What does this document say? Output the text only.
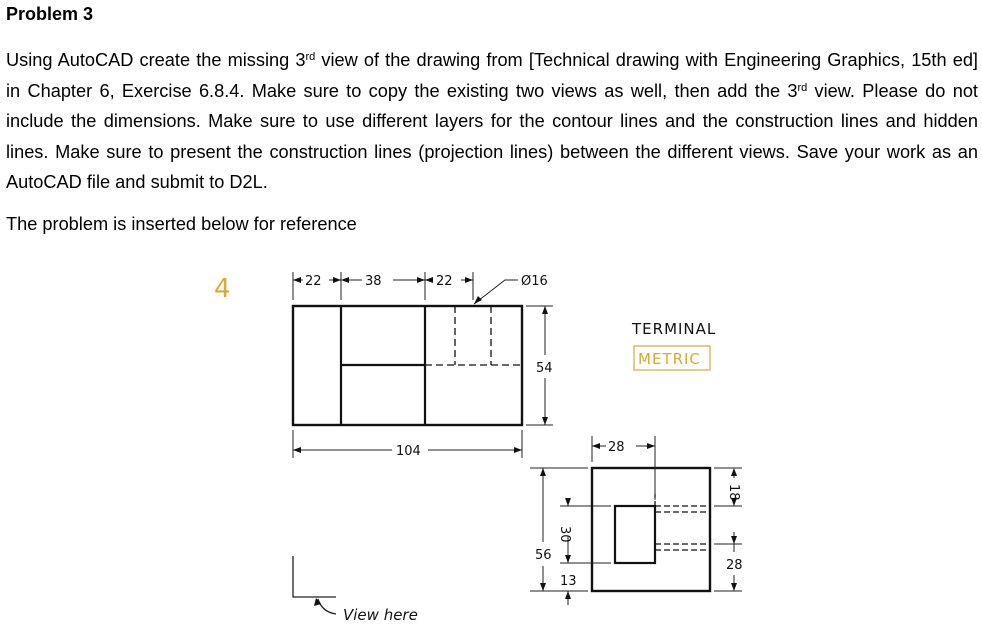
Problem 3
Using AutoCAD create the missing 3rd view of the drawing from [Technical drawing with Engineering Graphics, 15th ed] in Chapter 6, Exercise 6.8.4. Make sure to copy the existing two views as well, then add the 3rd view. Please do not include the dimensions. Make sure to use different layers for the contour lines and the construction lines and hidden lines. Make sure to present the construction lines (projection lines) between the different views. Save your work as an AutoCAD file and submit to D2L.
The problem is inserted below for reference
4	22	38	22	Ø16
54
104
TERMINAL
METRIC
28
56
30
13
18
28
View here
